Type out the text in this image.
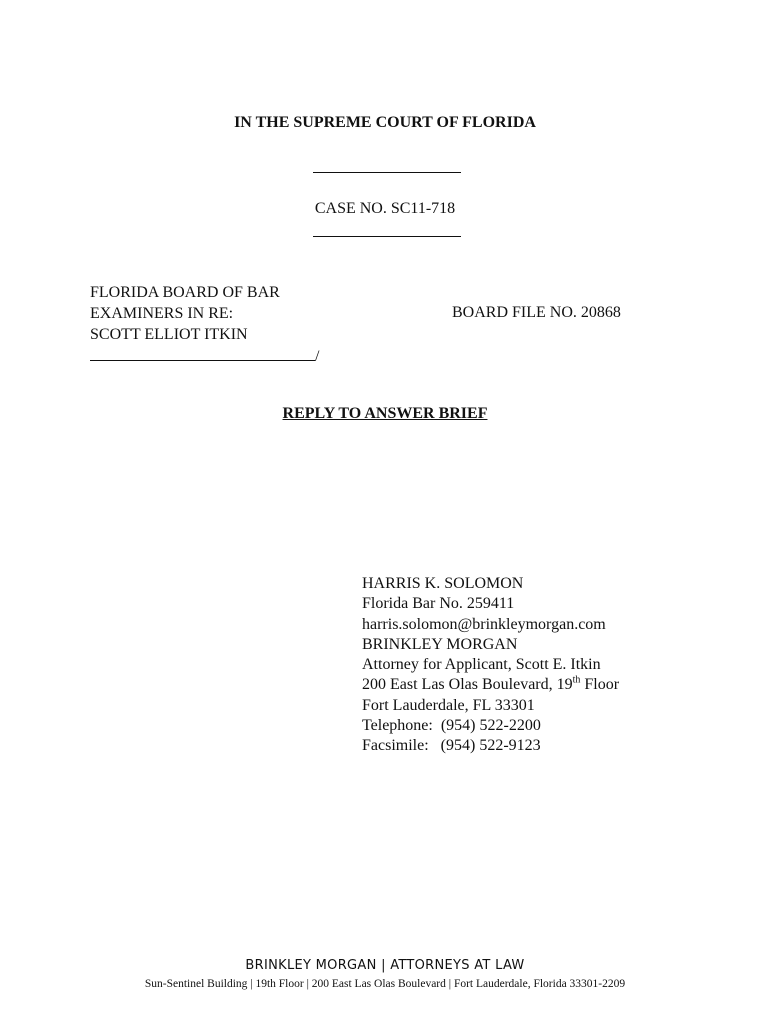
IN THE SUPREME COURT OF FLORIDA
CASE NO. SC11-718
FLORIDA BOARD OF BAR
EXAMINERS IN RE:
SCOTT ELLIOT ITKIN
/
BOARD FILE NO. 20868
REPLY TO ANSWER BRIEF
HARRIS K. SOLOMON
Florida Bar No. 259411
harris.solomon@brinkleymorgan.com
BRINKLEY MORGAN
Attorney for Applicant, Scott E. Itkin
200 East Las Olas Boulevard, 19th Floor
Fort Lauderdale, FL 33301
Telephone:  (954) 522-2200
Facsimile:   (954) 522-9123
BRINKLEY MORGAN | ATTORNEYS AT LAW
Sun-Sentinel Building | 19th Floor | 200 East Las Olas Boulevard | Fort Lauderdale, Florida 33301-2209
